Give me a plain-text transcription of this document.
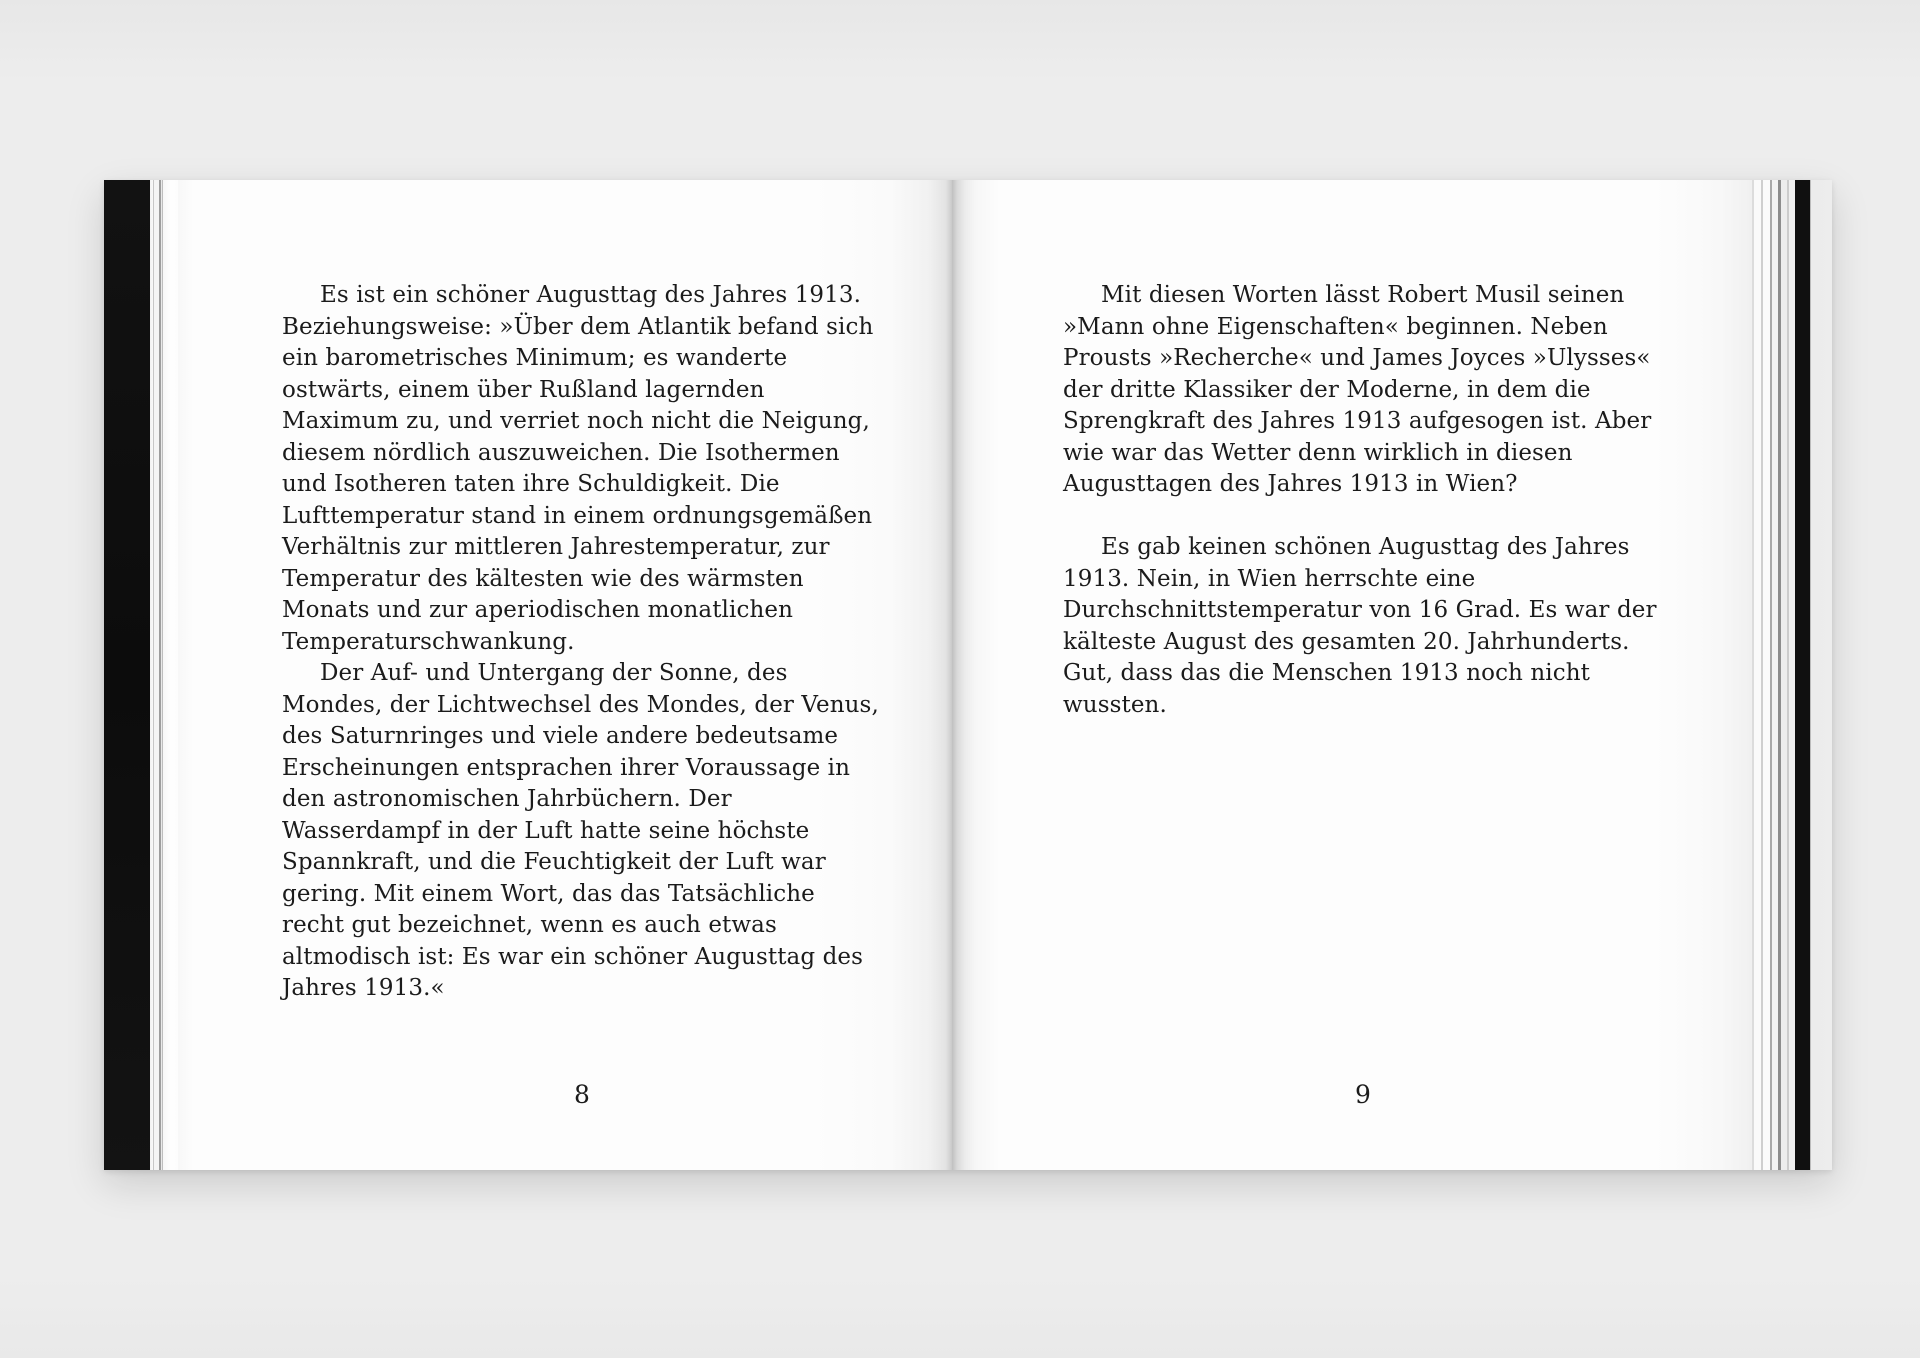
Es ist ein schöner Augusttag des Jahres 1913. Beziehungsweise: »Über dem Atlantik befand sich ein barometrisches Minimum; es wanderte ostwärts, einem über Rußland lagernden Maximum zu, und verriet noch nicht die Neigung, diesem nördlich auszuweichen. Die Isothermen und Isotheren taten ihre Schuldigkeit. Die Lufttemperatur stand in einem ordnungsgemäßen Verhältnis zur mittleren Jahrestemperatur, zur Temperatur des kältesten wie des wärmsten Monats und zur aperiodischen monatlichen Temperaturschwankung.

Der Auf- und Untergang der Sonne, des Mondes, der Lichtwechsel des Mondes, der Venus, des Saturnringes und viele andere bedeutsame Erscheinungen entsprachen ihrer Voraussage in den astronomischen Jahrbüchern. Der Wasserdampf in der Luft hatte seine höchste Spannkraft, und die Feuchtigkeit der Luft war gering. Mit einem Wort, das das Tatsächliche recht gut bezeichnet, wenn es auch etwas altmodisch ist: Es war ein schöner Augusttag des Jahres 1913.«

8

Mit diesen Worten lässt Robert Musil seinen »Mann ohne Eigenschaften« beginnen. Neben Prousts »Recherche« und James Joyces »Ulysses« der dritte Klassiker der Moderne, in dem die Sprengkraft des Jahres 1913 aufgesogen ist. Aber wie war das Wetter denn wirklich in diesen Augusttagen des Jahres 1913 in Wien?

Es gab keinen schönen Augusttag des Jahres 1913. Nein, in Wien herrschte eine Durchschnittstemperatur von 16 Grad. Es war der kälteste August des gesamten 20. Jahrhunderts. Gut, dass das die Menschen 1913 noch nicht wussten.

9
